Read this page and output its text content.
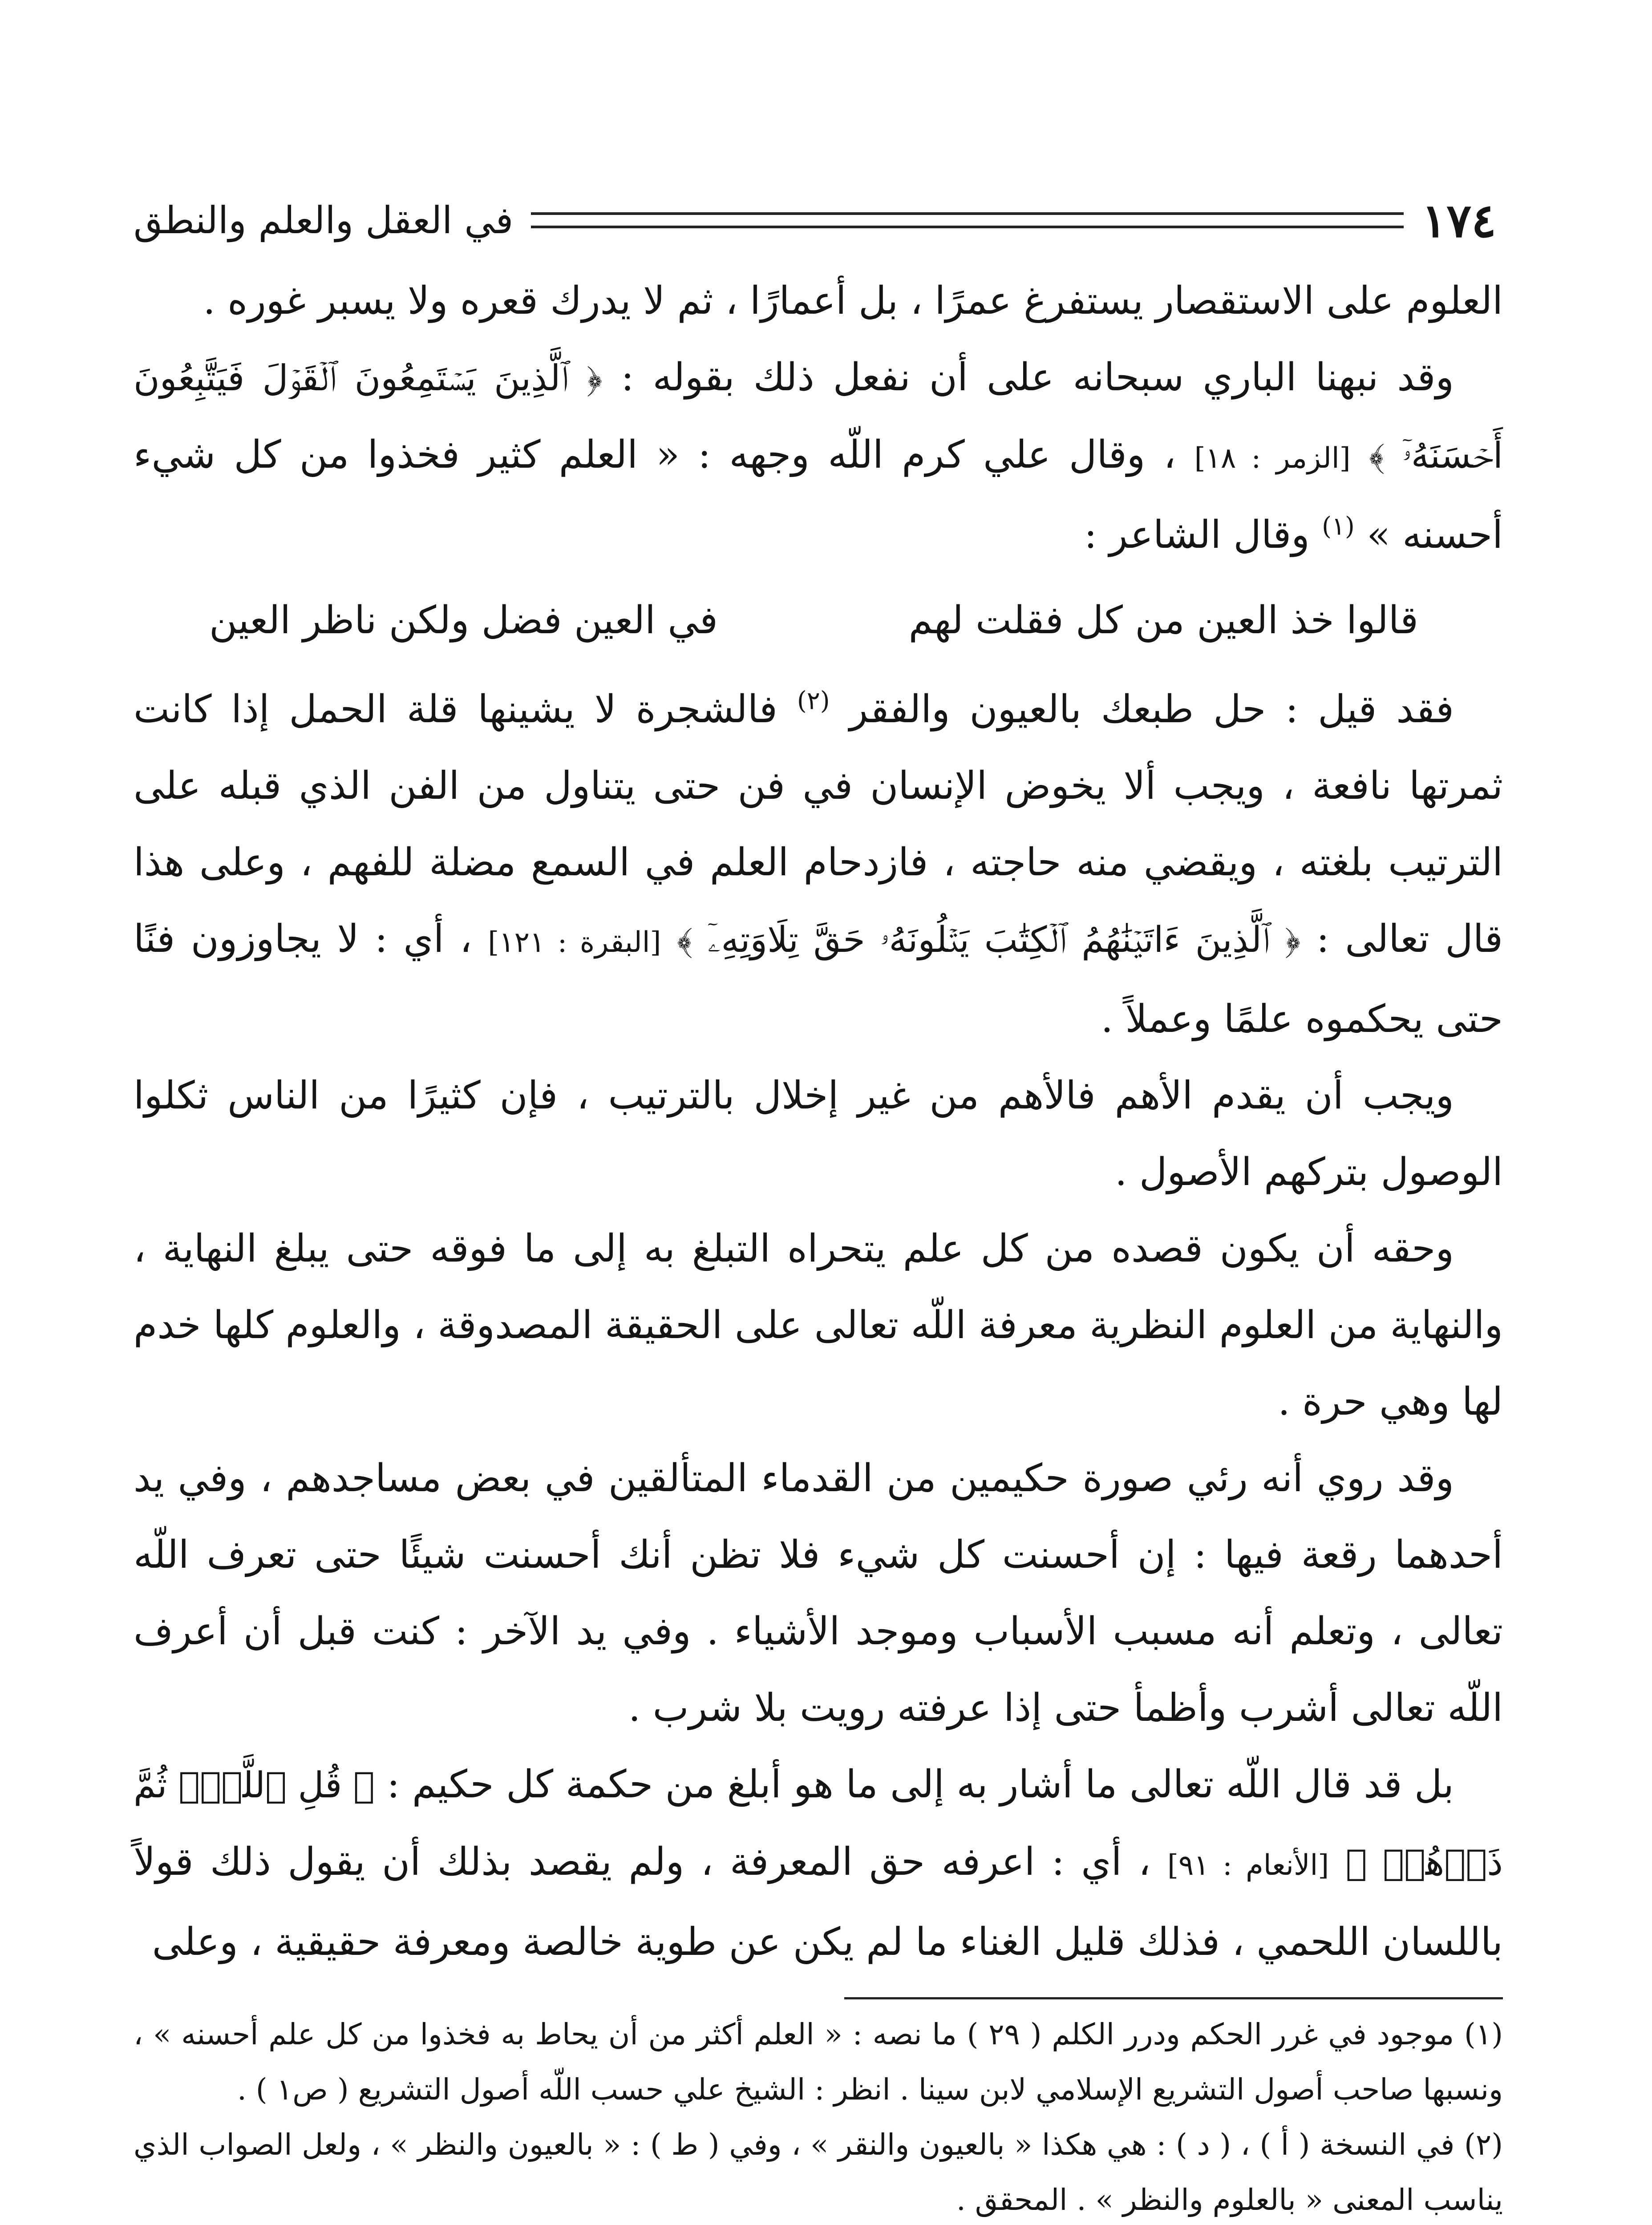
١٧٤
في العقل والعلم والنطق

العلوم على الاستقصار يستفرغ عمرًا ، بل أعمارًا ، ثم لا يدرك قعره ولا يسبر غوره .

وقد نبهنا الباري سبحانه على أن نفعل ذلك بقوله : ﴿ ٱلَّذِينَ يَسۡتَمِعُونَ ٱلۡقَوۡلَ فَيَتَّبِعُونَ أَحۡسَنَهُۥٓ ﴾ [الزمر : ١٨] ، وقال علي كرم اللّه وجهه : « العلم كثير فخذوا من كل شيء أحسنه » $^{(١)}$ وقال الشاعر :

قالوا خذ العين من كل فقلت لهم
في العين فضل ولكن ناظر العين

فقد قيل : حل طبعك بالعيون والفقر $^{(٢)}$ فالشجرة لا يشينها قلة الحمل إذا كانت ثمرتها نافعة ، ويجب ألا يخوض الإنسان في فن حتى يتناول من الفن الذي قبله على الترتيب بلغته ، ويقضي منه حاجته ، فازدحام العلم في السمع مضلة للفهم ، وعلى هذا قال تعالى : ﴿ ٱلَّذِينَ ءَاتَيۡنَٰهُمُ ٱلۡكِتَٰبَ يَتۡلُونَهُۥ حَقَّ تِلَاوَتِهِۦٓ ﴾ [البقرة : ١٢١] ، أي : لا يجاوزون فنًا حتى يحكموه علمًا وعملاً .

ويجب أن يقدم الأهم فالأهم من غير إخلال بالترتيب ، فإن كثيرًا من الناس ثكلوا الوصول بتركهم الأصول .

وحقه أن يكون قصده من كل علم يتحراه التبلغ به إلى ما فوقه حتى يبلغ النهاية ، والنهاية من العلوم النظرية معرفة اللّه تعالى على الحقيقة المصدوقة ، والعلوم كلها خدم لها وهي حرة .

وقد روي أنه رئي صورة حكيمين من القدماء المتألقين في بعض مساجدهم ، وفي يد أحدهما رقعة فيها : إن أحسنت كل شيء فلا تظن أنك أحسنت شيئًا حتى تعرف اللّه تعالى ، وتعلم أنه مسبب الأسباب وموجد الأشياء . وفي يد الآخر : كنت قبل أن أعرف اللّه تعالى أشرب وأظمأ حتى إذا عرفته رويت بلا شرب .

بل قد قال اللّه تعالى ما أشار به إلى ما هو أبلغ من حكمة كل حكيم : ﴿ قُلِ ٱللَّهُۖ ثُمَّ ذَرۡهُمۡ ﴾ [الأنعام : ٩١] ، أي : اعرفه حق المعرفة ، ولم يقصد بذلك أن يقول ذلك قولاً باللسان اللحمي ، فذلك قليل الغناء ما لم يكن عن طوية خالصة ومعرفة حقيقية ، وعلى

(١) موجود في غرر الحكم ودرر الكلم ( ٢٩ ) ما نصه : « العلم أكثر من أن يحاط به فخذوا من كل علم أحسنه » ، ونسبها صاحب أصول التشريع الإسلامي لابن سينا . انظر : الشيخ علي حسب اللّه أصول التشريع ( ص١ ) .

(٢) في النسخة ( أ ) ، ( د ) : هي هكذا « بالعيون والنقر » ، وفي ( ط ) : « بالعيون والنظر » ، ولعل الصواب الذي يناسب المعنى « بالعلوم والنظر » . المحقق .
